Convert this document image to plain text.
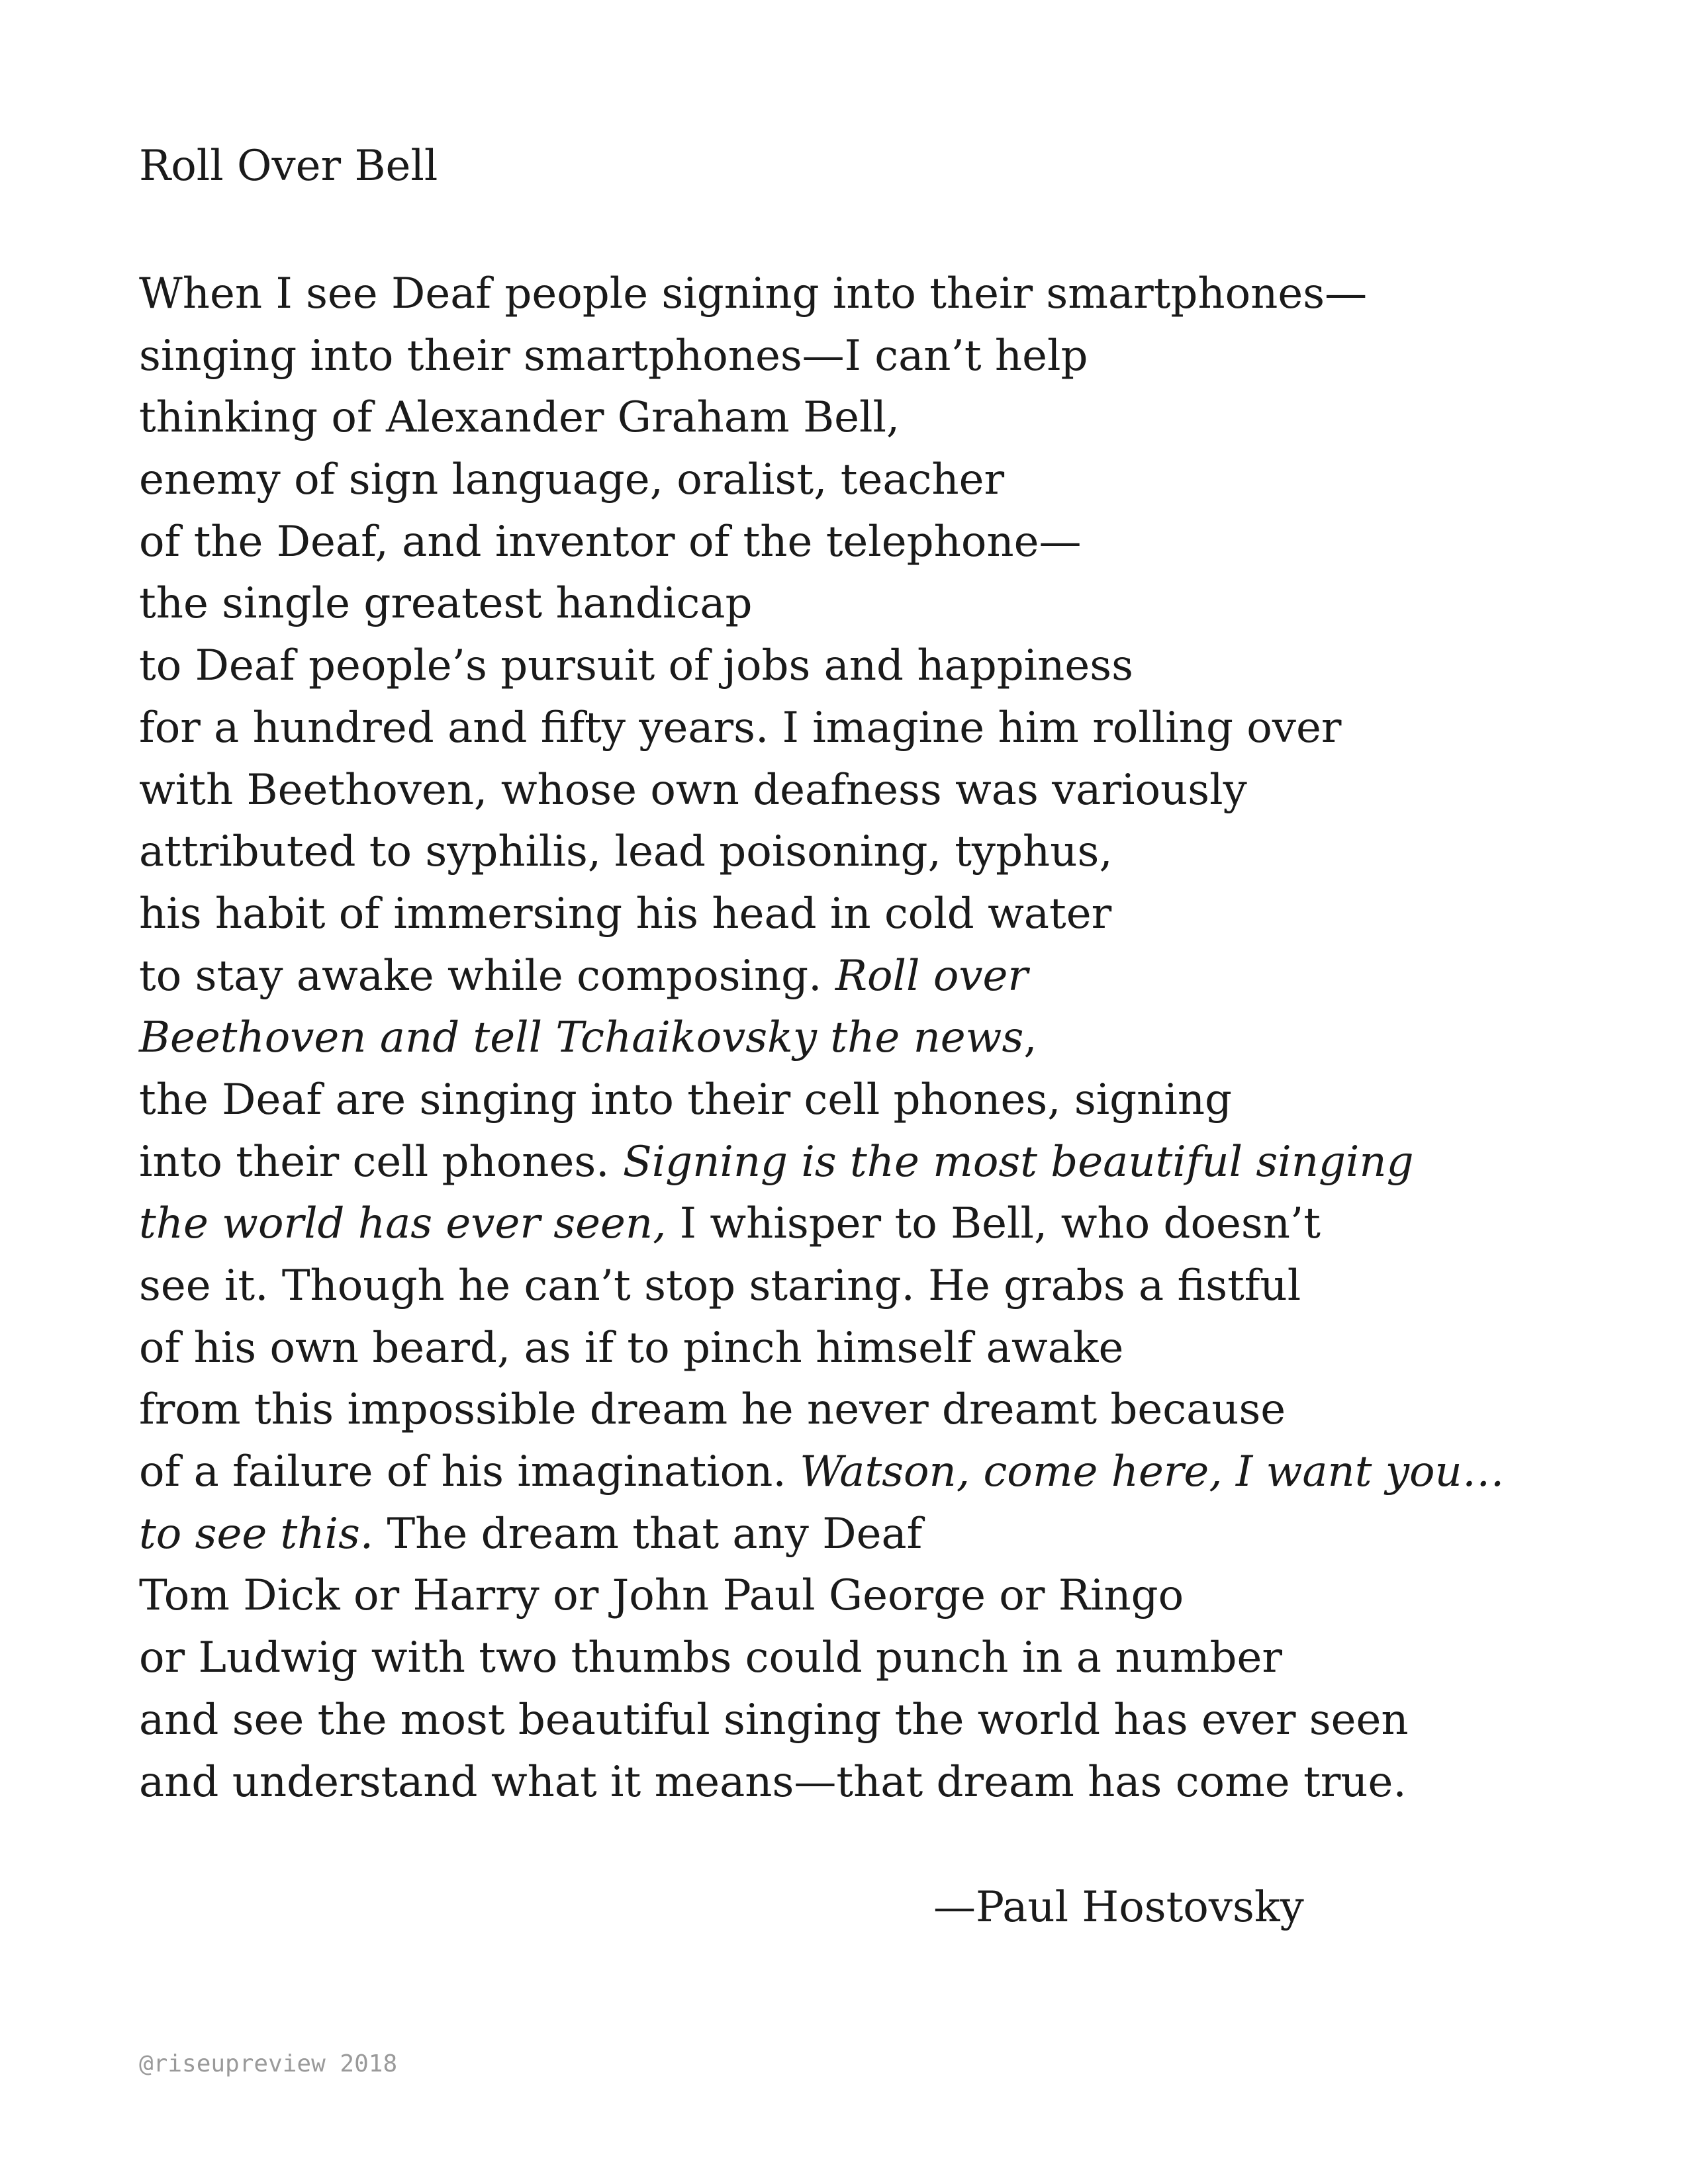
Roll Over Bell
When I see Deaf people signing into their smartphones—
singing into their smartphones—I can’t help
thinking of Alexander Graham Bell,
enemy of sign language, oralist, teacher
of the Deaf, and inventor of the telephone—
the single greatest handicap
to Deaf people’s pursuit of jobs and happiness
for a hundred and fifty years. I imagine him rolling over
with Beethoven, whose own deafness was variously
attributed to syphilis, lead poisoning, typhus,
his habit of immersing his head in cold water
to stay awake while composing. Roll over
Beethoven and tell Tchaikovsky the news,
the Deaf are singing into their cell phones, signing
into their cell phones. Signing is the most beautiful singing
the world has ever seen, I whisper to Bell, who doesn’t
see it. Though he can’t stop staring. He grabs a fistful
of his own beard, as if to pinch himself awake
from this impossible dream he never dreamt because
of a failure of his imagination. Watson, come here, I want you…
to see this. The dream that any Deaf
Tom Dick or Harry or John Paul George or Ringo
or Ludwig with two thumbs could punch in a number
and see the most beautiful singing the world has ever seen
and understand what it means—that dream has come true.
—Paul Hostovsky
@riseupreview 2018
